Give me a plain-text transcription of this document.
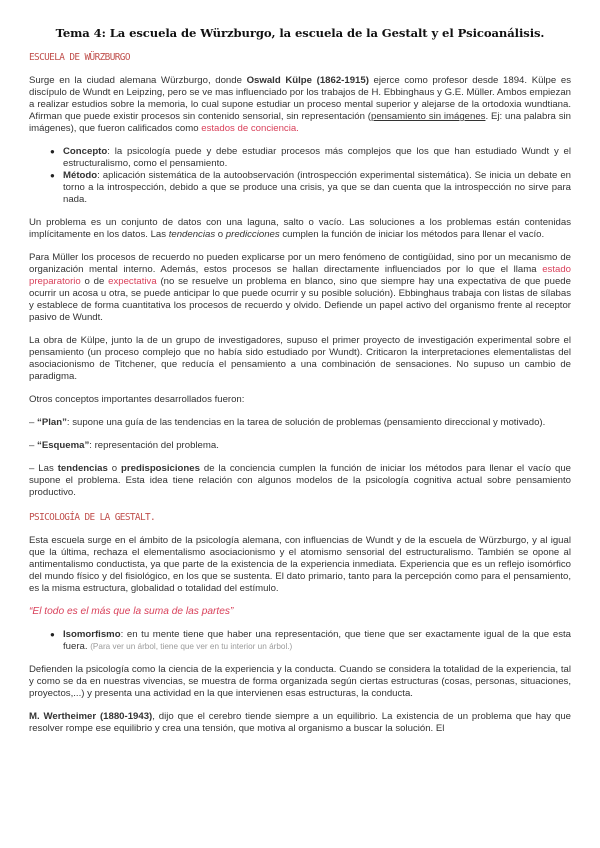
Tema 4: La escuela de Würzburgo, la escuela de la Gestalt y el Psicoanálisis.
ESCUELA DE WÜRZBURGO

Surge en la ciudad alemana Würzburgo, donde Oswald Külpe (1862-1915) ejerce como profesor desde 1894. Külpe es discípulo de Wundt en Leipzing, pero se ve mas influenciado por los trabajos de H. Ebbinghaus y G.E. Müller. Ambos empiezan a realizar estudios sobre la memoria, lo cual supone estudiar un proceso mental superior y alejarse de la ortodoxia wundtiana. Afirman que puede existir procesos sin contenido sensorial, sin representación (pensamiento sin imágenes. Ej: una palabra sin imágenes), que fueron calificados como estados de conciencia.

● Concepto: la psicología puede y debe estudiar procesos más complejos que los que han estudiado Wundt y el estructuralismo, como el pensamiento.
● Método: aplicación sistemática de la autoobservación (introspección experimental sistemática). Se inicia un debate en torno a la introspección, debido a que se produce una crisis, ya que se dan cuenta que la introspección no sirve para nada.

Un problema es un conjunto de datos con una laguna, salto o vacío. Las soluciones a los problemas están contenidas implícitamente en los datos. Las tendencias o predicciones cumplen la función de iniciar los métodos para llenar el vacío.

Para Müller los procesos de recuerdo no pueden explicarse por un mero fenómeno de contigüidad, sino por un mecanismo de organización mental interno. Además, estos procesos se hallan directamente influenciados por lo que el llama estado preparatorio o de expectativa (no se resuelve un problema en blanco, sino que siempre hay una expectativa de que puede ocurrir un acosa u otra, se puede anticipar lo que puede ocurrir y su posible solución). Ebbinghaus trabaja con listas de sílabas y establece de forma cuantitativa los procesos de recuerdo y olvido. Defiende un papel activo del organismo frente al receptor pasivo de Wundt.

La obra de Külpe, junto la de un grupo de investigadores, supuso el primer proyecto de investigación experimental sobre el pensamiento (un proceso complejo que no había sido estudiado por Wundt). Criticaron la interpretaciones elementalistas del asociacionismo de Titchener, que reducía el pensamiento a una combinación de sensaciones. No supuso un cambio de paradigma.

Otros conceptos importantes desarrollados fueron:

– “Plan”: supone una guía de las tendencias en la tarea de solución de problemas (pensamiento direccional y motivado).

– “Esquema”: representación del problema.

– Las tendencias o predisposiciones de la conciencia cumplen la función de iniciar los métodos para llenar el vacío que supone el problema. Esta idea tiene relación con algunos modelos de la psicología cognitiva actual sobre pensamiento productivo.

PSICOLOGÍA DE LA GESTALT.

Esta escuela surge en el ámbito de la psicología alemana, con influencias de Wundt y de la escuela de Würzburgo, y al igual que la última, rechaza el elementalismo asociacionismo y el atomismo sensorial del estructuralismo. También se opone al antimentalismo conductista, ya que parte de la existencia de la experiencia inmediata. Experiencia que es un reflejo isomórfico del mundo físico y del fisiológico, en los que se sustenta. El dato primario, tanto para la percepción como para el pensamiento, es la misma estructura, globalidad o totalidad del estímulo.

“El todo es el más que la suma de las partes”

● Isomorfismo: en tu mente tiene que haber una representación, que tiene que ser exactamente igual de la que esta fuera. (Para ver un árbol, tiene que ver en tu interior un árbol.)

Defienden la psicología como la ciencia de la experiencia y la conducta. Cuando se considera la totalidad de la experiencia, tal y como se da en nuestras vivencias, se muestra de forma organizada según ciertas estructuras (cosas, personas, situaciones, proyectos,...) y presenta una actividad en la que intervienen esas estructuras, la conducta.

M. Wertheimer (1880-1943), dijo que el cerebro tiende siempre a un equilibrio. La existencia de un problema que hay que resolver rompe ese equilibrio y crea una tensión, que motiva al organismo a buscar la solución. El
